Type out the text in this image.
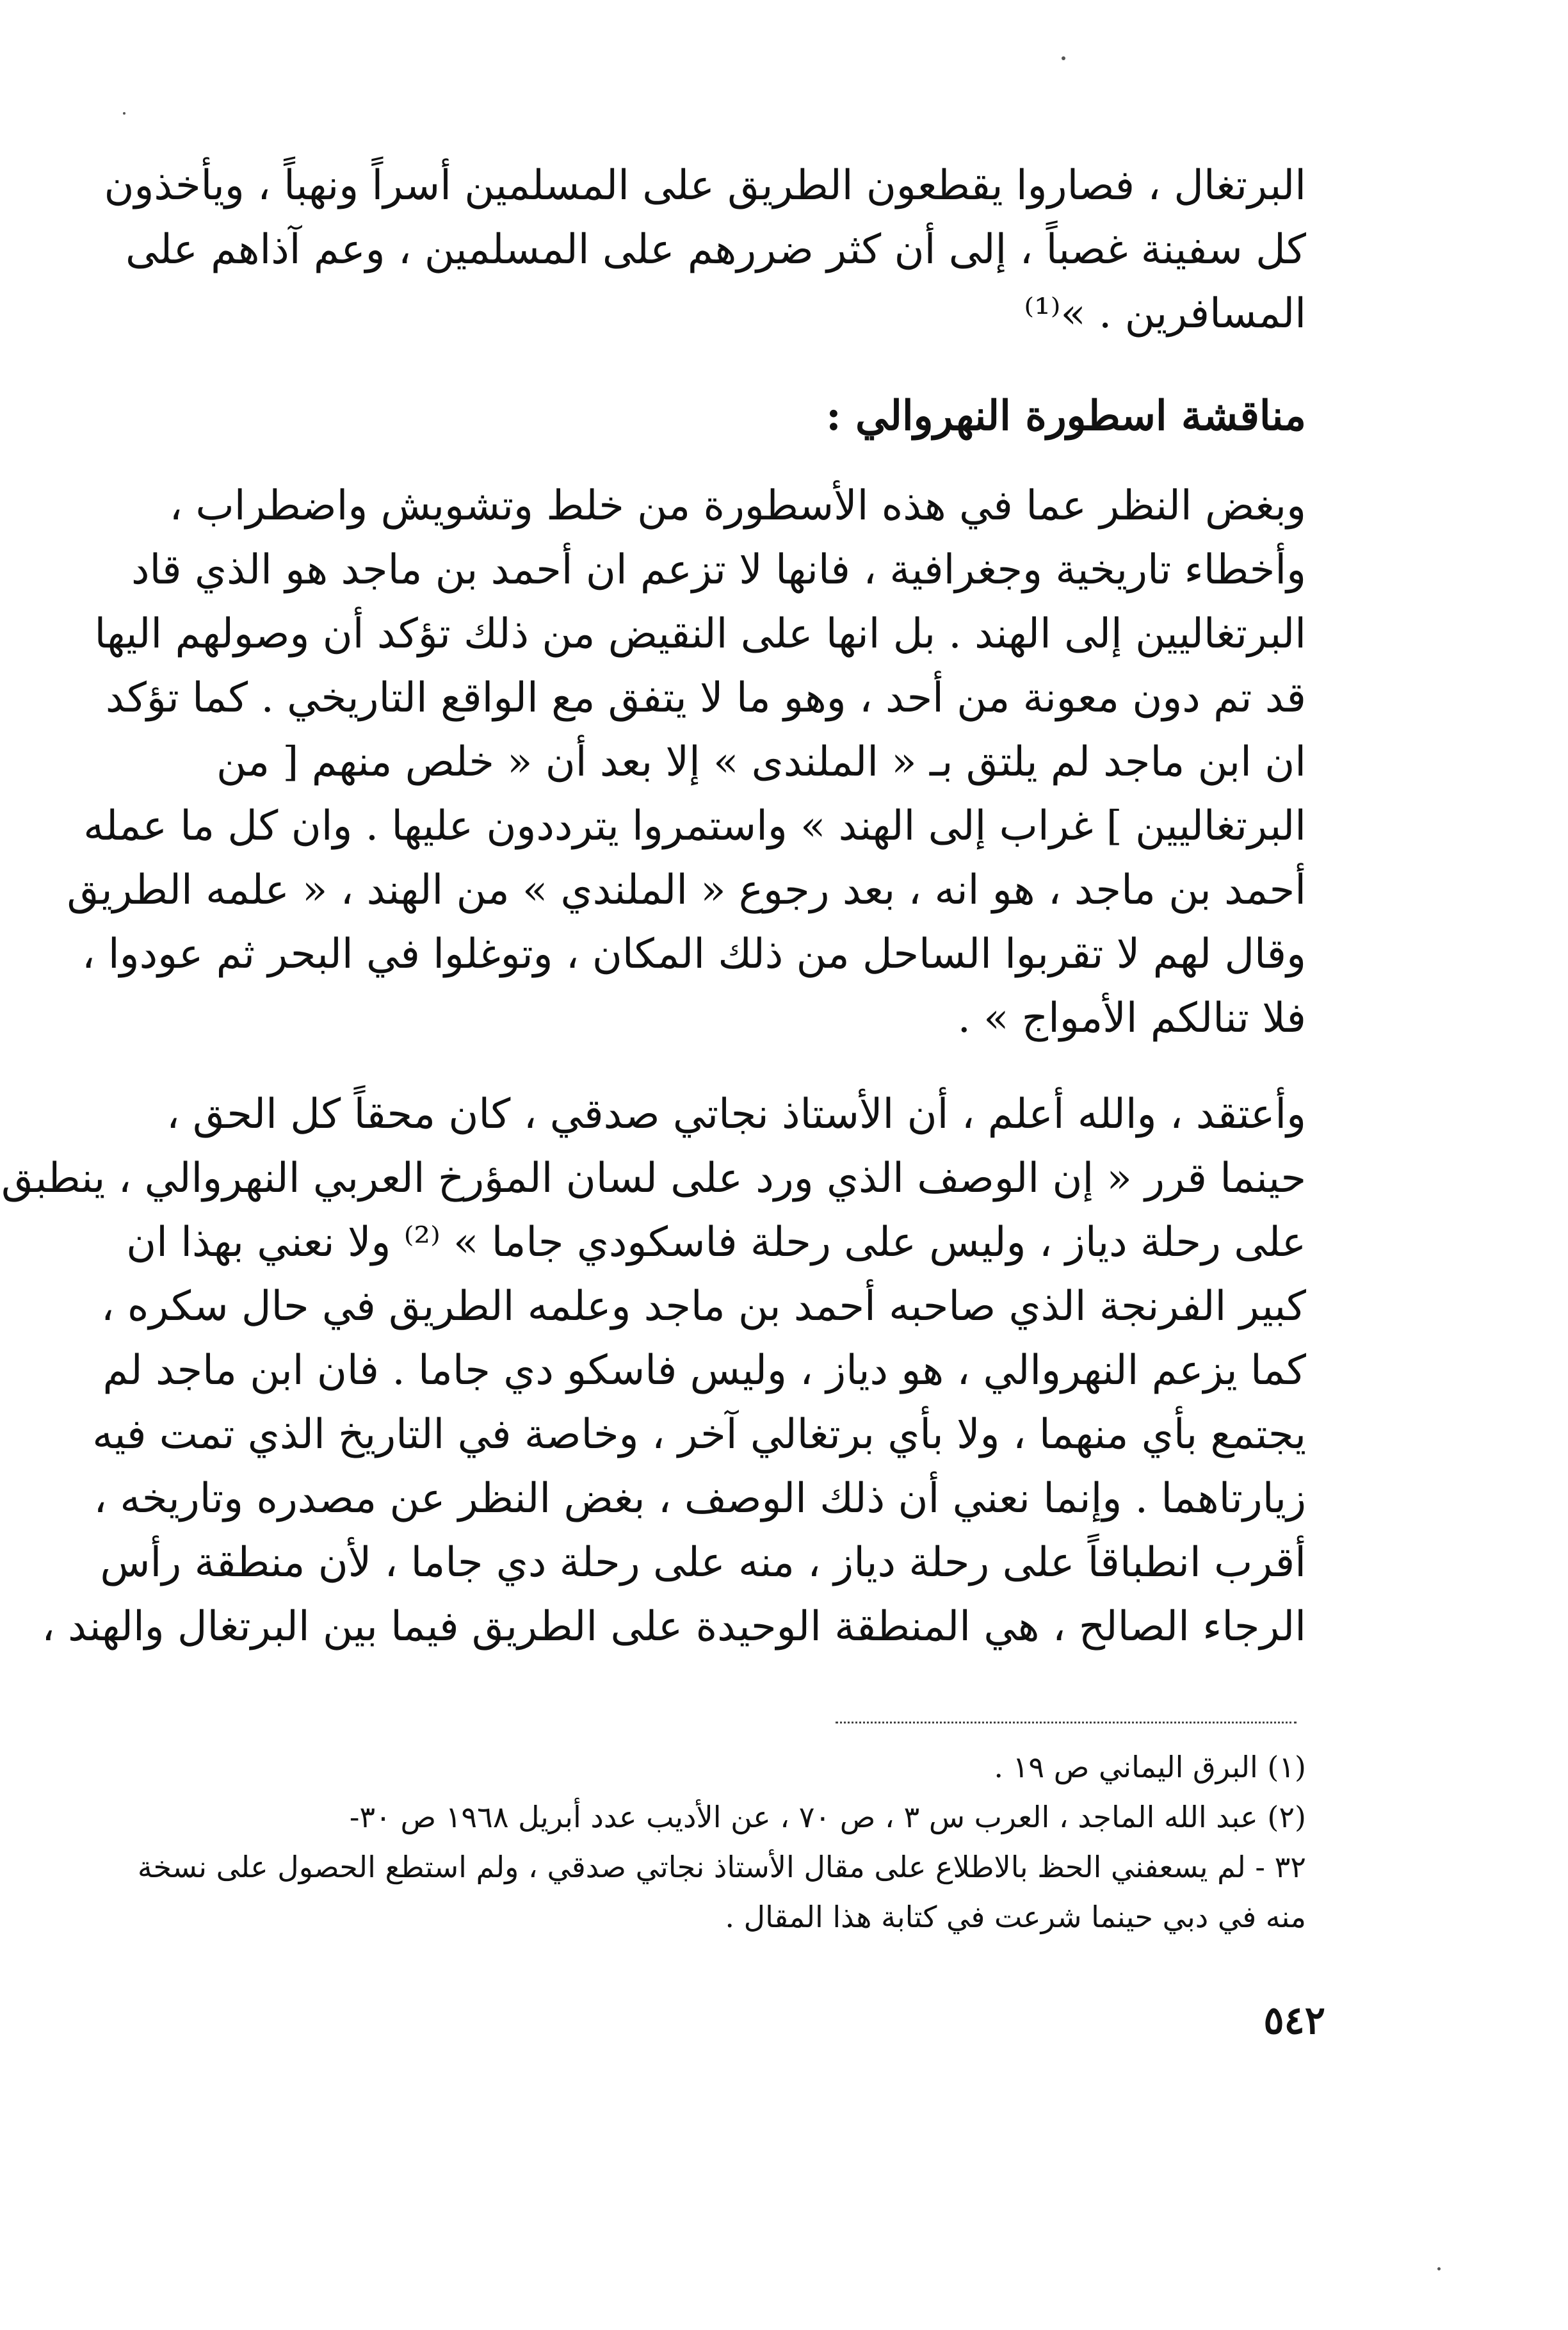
البرتغال ، فصاروا يقطعون الطريق على المسلمين أسراً ونهباً ، ويأخذون
كل سفينة غصباً ، إلى أن كثر ضررهم على المسلمين ، وعم آذاهم على
المسافرين . »⁽¹⁾
مناقشة اسطورة النهروالي :
وبغض النظر عما في هذه الأسطورة من خلط وتشويش واضطراب ،
وأخطاء تاريخية وجغرافية ، فانها لا تزعم ان أحمد بن ماجد هو الذي قاد
البرتغاليين إلى الهند . بل انها على النقيض من ذلك تؤكد أن وصولهم اليها
قد تم دون معونة من أحد ، وهو ما لا يتفق مع الواقع التاريخي . كما تؤكد
ان ابن ماجد لم يلتق بـ « الملندى » إلا بعد أن « خلص منهم [ من
البرتغاليين ] غراب إلى الهند » واستمروا يترددون عليها . وان كل ما عمله
أحمد بن ماجد ، هو انه ، بعد رجوع « الملندي » من الهند ، « علمه الطريق
وقال لهم لا تقربوا الساحل من ذلك المكان ، وتوغلوا في البحر ثم عودوا ،
فلا تنالكم الأمواج » .
وأعتقد ، والله أعلم ، أن الأستاذ نجاتي صدقي ، كان محقاً كل الحق ،
حينما قرر « إن الوصف الذي ورد على لسان المؤرخ العربي النهروالي ، ينطبق
على رحلة دياز ، وليس على رحلة فاسكودي جاما » ⁽²⁾ ولا نعني بهذا ان
كبير الفرنجة الذي صاحبه أحمد بن ماجد وعلمه الطريق في حال سكره ،
كما يزعم النهروالي ، هو دياز ، وليس فاسكو دي جاما . فان ابن ماجد لم
يجتمع بأي منهما ، ولا بأي برتغالي آخر ، وخاصة في التاريخ الذي تمت فيه
زيارتاهما . وإنما نعني أن ذلك الوصف ، بغض النظر عن مصدره وتاريخه ،
أقرب انطباقاً على رحلة دياز ، منه على رحلة دي جاما ، لأن منطقة رأس
الرجاء الصالح ، هي المنطقة الوحيدة على الطريق فيما بين البرتغال والهند ،
(١) البرق اليماني ص ١٩ .
(٢) عبد الله الماجد ، العرب س ٣ ، ص ٧٠ ، عن الأديب عدد أبريل ١٩٦٨ ص ٣٠-
٣٢ - لم يسعفني الحظ بالاطلاع على مقال الأستاذ نجاتي صدقي ، ولم استطع الحصول على نسخة
منه في دبي حينما شرعت في كتابة هذا المقال .
٥٤٢
